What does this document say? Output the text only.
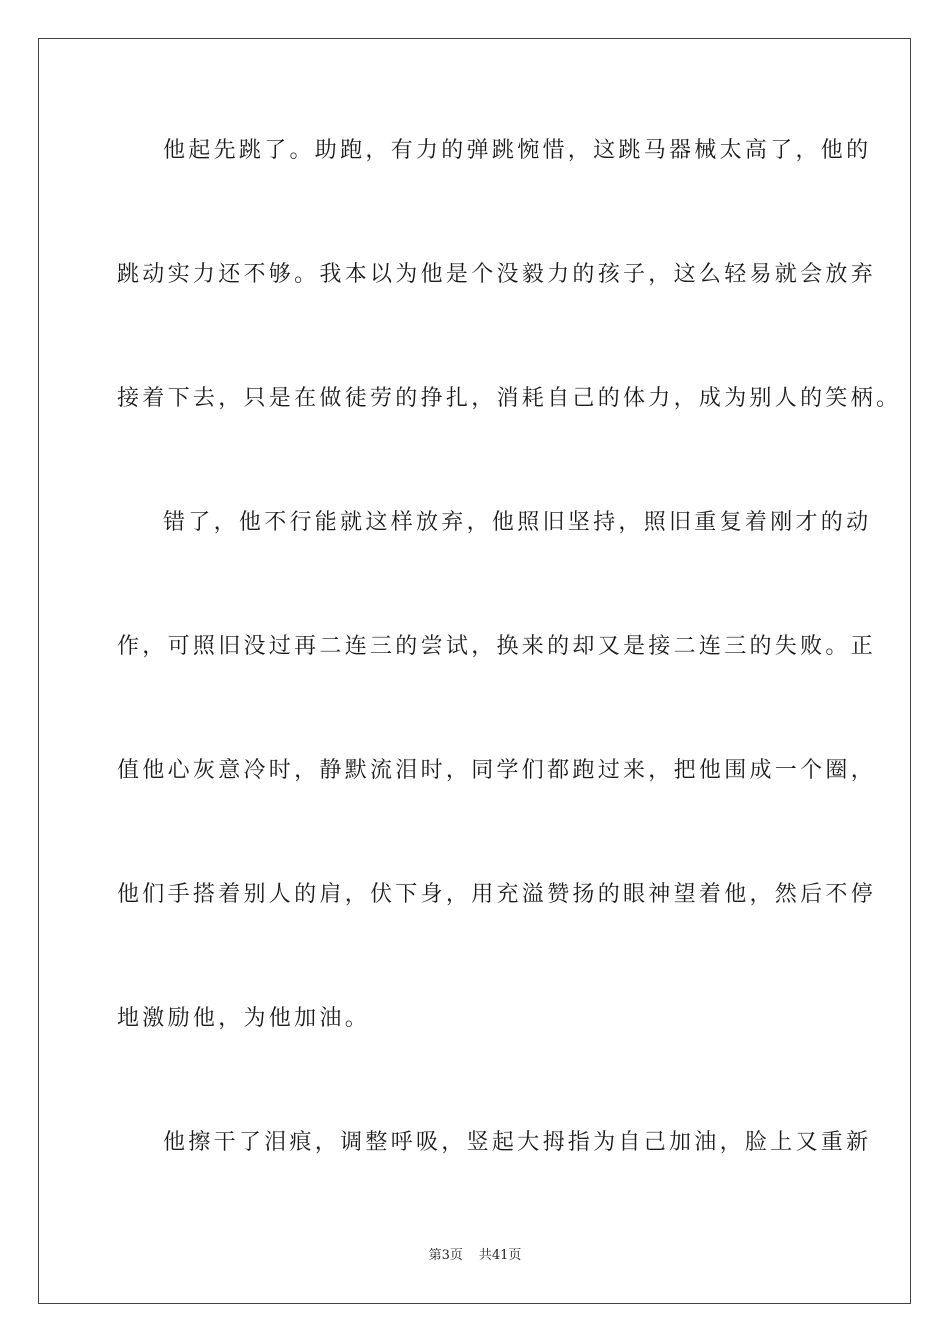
他起先跳了。助跑，有力的弹跳惋惜，这跳马器械太高了，他的
跳动实力还不够。我本以为他是个没毅力的孩子，这么轻易就会放弃
接着下去，只是在做徒劳的挣扎，消耗自己的体力，成为别人的笑柄。
错了，他不行能就这样放弃，他照旧坚持，照旧重复着刚才的动
作，可照旧没过再二连三的尝试，换来的却又是接二连三的失败。正
值他心灰意冷时，静默流泪时，同学们都跑过来，把他围成一个圈，
他们手搭着别人的肩，伏下身，用充溢赞扬的眼神望着他，然后不停
地激励他，为他加油。
他擦干了泪痕，调整呼吸，竖起大拇指为自己加油，脸上又重新
第3页 共41页
